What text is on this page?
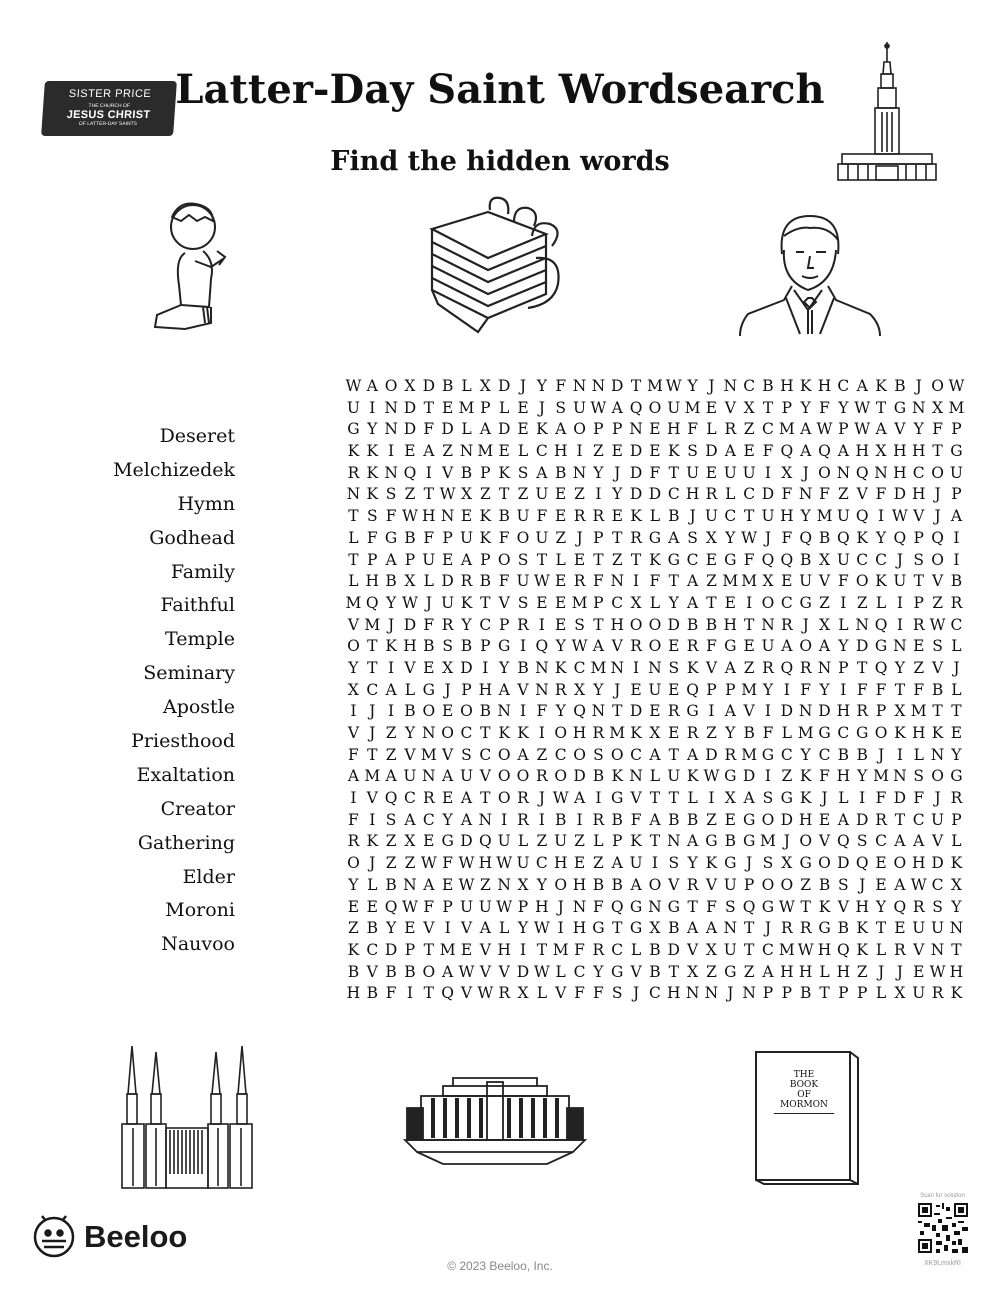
SISTER PRICE
THE CHURCH OF
JESUS CHRIST
OF LATTER-DAY SAINTS
Latter-Day Saint Wordsearch
Find the hidden words
Deseret
Melchizedek
Hymn
Godhead
Family
Faithful
Temple
Seminary
Apostle
Priesthood
Exaltation
Creator
Gathering
Elder
Moroni
Nauvoo
W A O X D B L X D J Y F N N D T M W Y J N C B H K H C A K B J O W
U I N D T E M P L E J S U W A Q O U M E V X T P Y F Y W T G N X M
G Y N D F D L A D E K A O P P N E H F L R Z C M A W P W A V Y F P
K K I E A Z N M E L C H I Z E D E K S D A E F Q A Q A H X H H T G
R K N Q I V B P K S A B N Y J D F T U E U U I X J O N Q N H C O U
N K S Z T W X Z T Z U E Z I Y D D C H R L C D F N F Z V F D H J P
T S F W H N E K B U F E R R E K L B J U C T U H Y M U Q I W V J A
L F G B F P U K F O U Z J P T R G A S X Y W J F Q B Q K Y Q P Q I
T P A P U E A P O S T L E T Z T K G C E G F Q Q B X U C C J S O I
L H B X L D R B F U W E R F N I F T A Z M M X E U V F O K U T V B
M Q Y W J U K T V S E E M P C X L Y A T E I O C G Z I Z L I P Z R
V M J D F R Y C P R I E S T H O O D B B H T N R J X L N Q I R W C
O T K H B S B P G I Q Y W A V R O E R F G E U A O A Y D G N E S L
Y T I V E X D I Y B N K C M N I N S K V A Z R Q R N P T Q Y Z V J
X C A L G J P H A V N R X Y J E U E Q P P M Y I F Y I F F T F B L
I J I B O E O B N I F Y Q N T D E R G I A V I D N D H R P X M T T
V J Z Y N O C T K K I O H R M K X E R Z Y B F L M G C G O K H K E
F T Z V M V S C O A Z C O S O C A T A D R M G C Y C B B J I L N Y
A M A U N A U V O O R O D B K N L U K W G D I Z K F H Y M N S O G
I V Q C R E A T O R J W A I G V T T L I X A S G K J L I F D F J R
F I S A C Y A N I R I B I R B F A B B Z E G O D H E A D R T C U P
R K Z X E G D Q U L Z U Z L P K T N A G B G M J O V Q S C A A V L
O J Z Z W F W H W U C H E Z A U I S Y K G J S X G O D Q E O H D K
Y L B N A E W Z N X Y O H B B A O V R V U P O O Z B S J E A W C X
E E Q W F P U U W P H J N F Q G N G T F S Q G W T K V H Y Q R S Y
Z B Y E V I V A L Y W I H G T G X B A A N T J R R G B K T E U U N
K C D P T M E V H I T M F R C L B D V X U T C M W H Q K L R V N T
B V B B O A W V V D W L C Y G V B T X Z G Z A H H L H Z J J E W H
H B F I T Q V W R X L V F F S J C H N N J N P P B T P P L X U R K
THE
BOOK
OF
MORMON
Beeloo
© 2023 Beeloo, Inc.
Scan for solution
XK9LmxkRI
